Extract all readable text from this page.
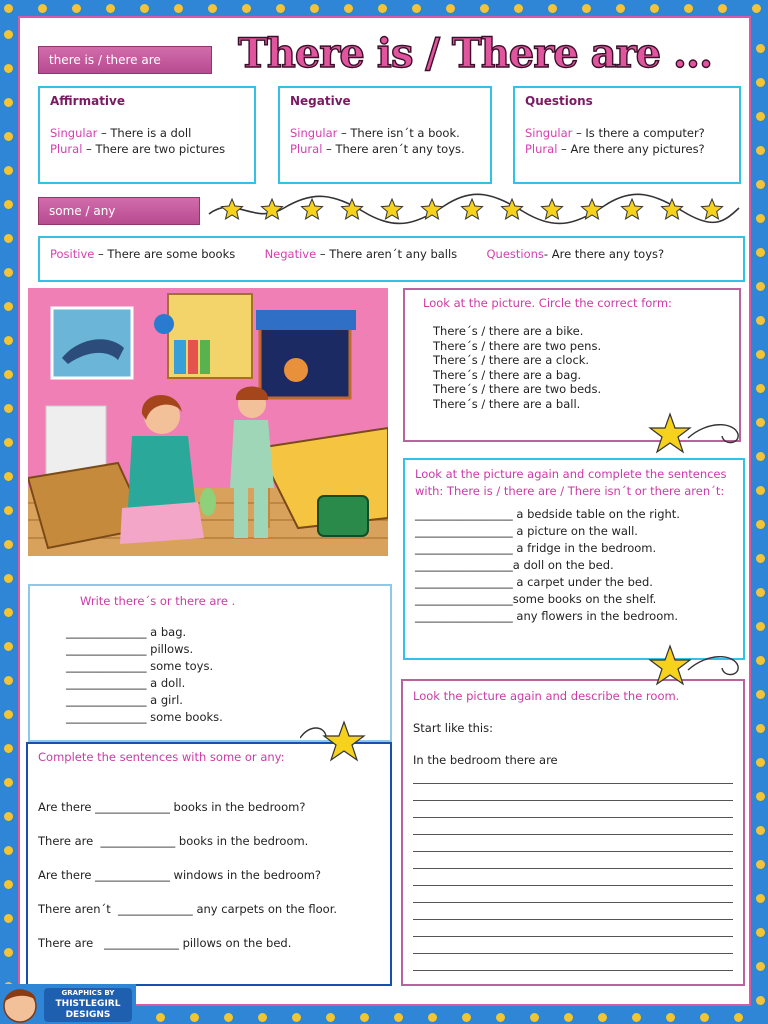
there is / there are	There is / There are …
Affirmative
Singular – There is a doll
Plural – There are two pictures
Negative
Singular – There isn´t a book.
Plural – There aren´t any toys.
Questions
Singular – Is there a computer?
Plural – Are there any pictures?
some / any
Positive – There are some books	Negative – There aren´t any balls	Questions- Are there any toys?
Look at the picture. Circle the correct form:
There´s / there are a bike.
There´s / there are two pens.
There´s / there are a clock.
There´s / there are a bag.
There´s / there are two beds.
There´s / there are a ball.
Look at the picture again and complete the sentences with: There is / there are / There isn´t or there aren´t:
_________________ a bedside table on the right.
_________________ a picture on the wall.
_________________ a fridge in the bedroom.
_________________a doll on the bed.
_________________ a carpet under the bed.
_________________some books on the shelf.
_________________ any flowers in the bedroom.
Write there´s or there are .
______________ a bag.
______________ pillows.
______________ some toys.
______________ a doll.
______________ a girl.
______________ some books.
Complete the sentences with some or any:
Are there _____________ books in the bedroom?
There are  _____________ books in the bedroom.
Are there _____________ windows in the bedroom?
There aren´t  _____________ any carpets on the floor.
There are   _____________ pillows on the bed.
Look the picture again and describe the room.
Start like this:
In the bedroom there are
GRAPHICS BY
THISTLEGIRL
DESIGNS
